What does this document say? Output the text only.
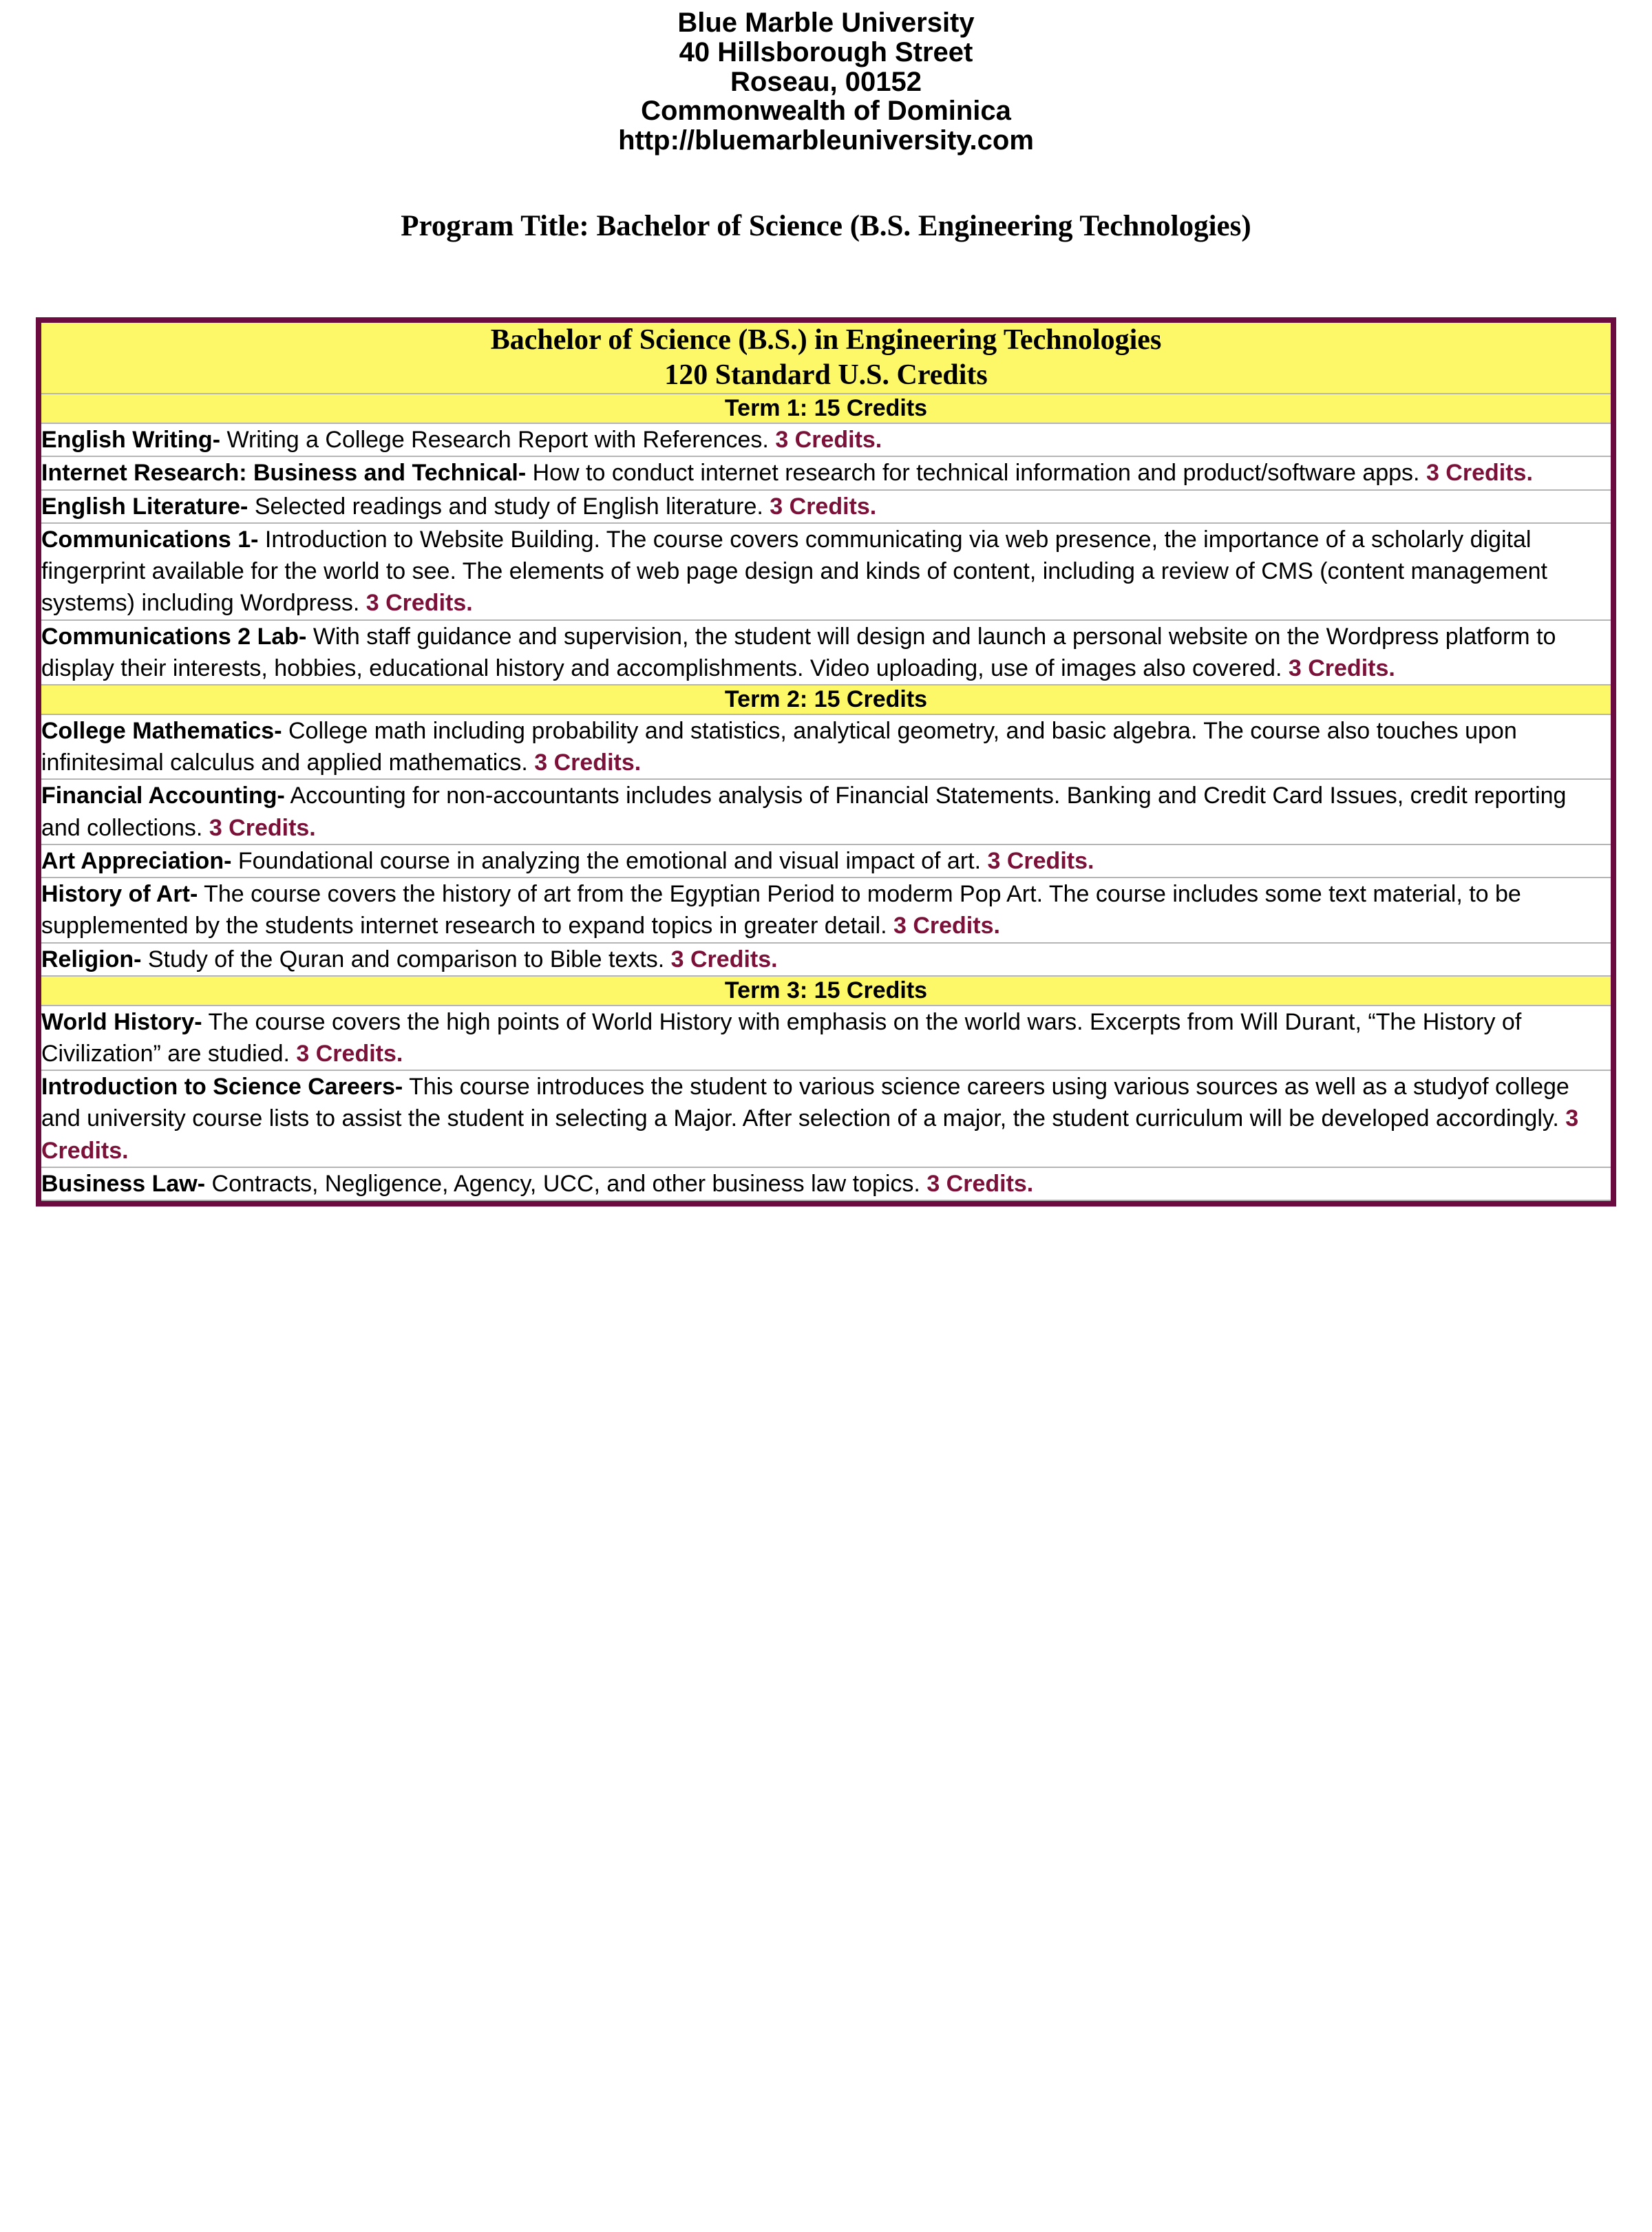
Blue Marble University
40 Hillsborough Street
Roseau, 00152
Commonwealth of Dominica
http://bluemarbleuniversity.com
Program Title: Bachelor of Science (B.S. Engineering Technologies)
Bachelor of Science (B.S.) in Engineering Technologies
120 Standard U.S. Credits

Term 1: 15 Credits
English Writing- Writing a College Research Report with References. 3 Credits.
Internet Research: Business and Technical- How to conduct internet research for technical information and product/software apps. 3 Credits.
English Literature- Selected readings and study of English literature. 3 Credits.
Communications 1- Introduction to Website Building. The course covers communicating via web presence, the importance of a scholarly digital fingerprint available for the world to see. The elements of web page design and kinds of content, including a review of CMS (content management systems) including Wordpress. 3 Credits.
Communications 2 Lab- With staff guidance and supervision, the student will design and launch a personal website on the Wordpress platform to display their interests, hobbies, educational history and accomplishments. Video uploading, use of images also covered. 3 Credits.
Term 2: 15 Credits
College Mathematics- College math including probability and statistics, analytical geometry, and basic algebra. The course also touches upon infinitesimal calculus and applied mathematics. 3 Credits.
Financial Accounting- Accounting for non-accountants includes analysis of Financial Statements. Banking and Credit Card Issues, credit reporting and collections. 3 Credits.
Art Appreciation- Foundational course in analyzing the emotional and visual impact of art. 3 Credits.
History of Art- The course covers the history of art from the Egyptian Period to moderm Pop Art. The course includes some text material, to be supplemented by the students internet research to expand topics in greater detail. 3 Credits.
Religion- Study of the Quran and comparison to Bible texts. 3 Credits.
Term 3: 15 Credits
World History- The course covers the high points of World History with emphasis on the world wars. Excerpts from Will Durant, “The History of Civilization” are studied. 3 Credits.
Introduction to Science Careers- This course introduces the student to various science careers using various sources as well as a studyof college and university course lists to assist the student in selecting a Major. After selection of a major, the student curriculum will be developed accordingly. 3 Credits.
Business Law- Contracts, Negligence, Agency, UCC, and other business law topics. 3 Credits.
